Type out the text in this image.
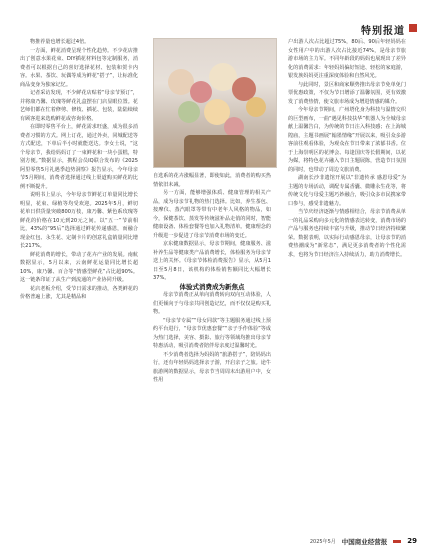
特别报道

物推荐量也增长超过4倍。

一方面，鲜花消费呈现个性化趋势。不少花店推出了创意水果花束、DIY插花材料包等定制服务，消费者可以根据自己的喜好选择花材、包装和贺卡内容。水果、茶饮、玩偶等成为鲜花“搭子”，让标准化商品变身为独家记忆。

记者采访发现，不少鲜花店贴着“母亲节预订”，并将康乃馨、玫瑰等鲜花礼盒摆在门店显眼位置。花艺师们都在忙着修剪、修枝、插花、包装，陆陆续续有顾客进来选购鲜花或咨询价格。

在即时零售平台上，鲜花需求旺盛，成为很多消费者习惯的方式。网上订花，通过外卖，同城配送等方式配送，下单后半小时就能送达。李女士说，“这个母亲节，我给妈妈订了一束鲜花和一块小蛋糕，特别方便。”数据显示，携程会员IQ联合发布的《2025阿里零售5月礼遇季趋势洞察》报告显示，今年母亲节5月期间，消费者选择通过线上渠道购买鲜花的比例不断提升。

说明书上显示，今年母亲节鲜花订单量同比增长明显，花束、绿植等均受欢迎。2025年5月，鲜切花单日供货量突破800万枝，康乃馨、紫色系玫瑰等鲜花的价格在10元到20元之间。以“五一”节前相比，43%的“95后”选择通过鲜花传递感恩，而融合现金红包、永生花、定制卡片的创意礼盒销量同比增长217%。

鲜花消费的增长，带动了花卉产业的发展。南航数据显示，5月以来，云南鲜花运量同比增长超10%，康乃馨、百合等“情感型鲜花”占比超90%。这一链条印证了从生产到流通的产业协同升级。

花店老板介绍，受节日需求的推动，各类鲜花的价格普遍上涨，尤其是精品和

自选系的花卉涨幅显著，即使如此，消费者的购买热情依旧未减。

另一方面，能够增强体质、健康管理的相关产品，成为母亲节礼物的热门选择。比如，养生茶包、按摩仪、蒸汽眼罩等带有中老年人风格的物品，如今，保健茶饮、蒸发等传统滋补品走俏的同时，智能健康设备、体检套餐等也加入礼物清单。健康理念的升级进一步促进了母亲节消费市场的变迁。

京东健康数据显示，母亲节期间，健康服务、滋补养生品等健康类产品消费增长，体检服务为母亲节送上的关怀。《母亲节体检消费报告》显示，从5月1日至5月8日，该机构的体检销售额同比大幅增长37%。

体验式消费成为新焦点

母亲节消费正从单向消费转向双向互动体验，人们更倾向于与母亲共同创造记忆，而不仅仅是购买礼物。

“母亲节专属”“母女同款”等主题服务通过线上预约平台进行，“母亲节优惠套餐”“亲子手作体验”等成为热门选择，美容、摄影、旅行等领域均推出母亲节特惠活动，吸引消费者陪伴母亲度过温馨时光。

不少消费者选择为妈妈的“旅游搭子”，陪妈妈出行，还有年轻妈妈选择亲子游，开启亲子之旅。途牛旅游网的数据显示，母亲节当周周末出游用户中，女性用

户出游人次占比超过75%，80后、90后年轻妈妈在女性用户中的出游人次占比接近74%，是母亲节旅游市场的主力军。不同年龄段的妈妈也展现出了差异化的消费需求：年轻妈妈偏好短途、轻松的家庭游，银发族妈妈更注重深度体验和自然风光。

与此同时，景区和商家顺势推出母亲节免单免门票优惠政策，不仅为节日增添了温馨氛围，更有效激发了消费热情，使文旅市场成为增进情感的媒介。

今年母亲节期间，广州塔化身为科技与温情交织的巨型画布，一曲“遇见科技扶华”机器人为全城母亲献上温馨告白，为传统的节日注入科技感；在上海城隍庙，主题书画展“翰墨情缘”开展以来，吸引众多游客前往观看体验，为观众在节日带来了浓郁书香。位于上海崇明区的花博会、每逢国庆等长假期间，以花为媒，将特色花卉融入节日主题展陈，营造节日氛围的同时，也带动了周边文旅消费。

湖南长沙非遗馆开展以“非遗传承 感恩母爱”为主题的专场活动，调配专属香囊、微雕永生花等，将传统文化与母爱主题巧妙融合，吸引众多市民携家带口参与，感受非遗魅力。

当节庆经济逐渐与情感相结合，母亲节消费从单一的礼品采购向多元化的情感表达转变，消费市场的产品与服务也持续丰富与升级，推动节日经济持续繁荣。数据表明，以实际行动感恩母亲，让母亲节的消费热潮成为“新常态”，满足更多消费者的个性化需求，也将为节日经济注入持续活力，助力消费增长。

2025年5月 中国商业经营报	29
